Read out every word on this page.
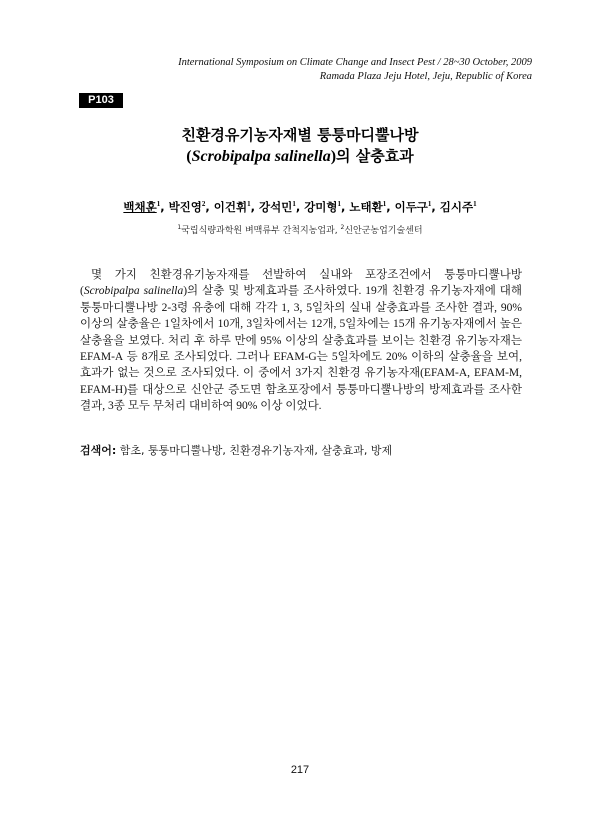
International Symposium on Climate Change and Insect Pest / 28~30 October, 2009
Ramada Plaza Jeju Hotel, Jeju, Republic of Korea
P103
친환경유기농자재별 퉁퉁마디뿔나방
(Scrobipalpa salinella)의 살충효과
백채훈$^1$, 박진영$^2$, 이건휘$^1$, 강석민$^1$, 강미형$^1$, 노태환$^1$, 이두구$^1$, 김시주$^1$
$^1$국립식량과학원 벼맥류부 간척지농업과, $^2$신안군농업기술센터
몇 가지 친환경유기농자재를 선발하여 실내와 포장조건에서 퉁퉁마디뿔나방 (Scrobipalpa salinella)의 살충 및 방제효과를 조사하였다. 19개 친환경 유기농자재에 대해 퉁퉁마디뿔나방 2-3령 유충에 대해 각각 1, 3, 5일차의 실내 살충효과를 조사한 결과, 90% 이상의 살충율은 1일차에서 10개, 3일차에서는 12개, 5일차에는 15개 유기농자재에서 높은 살충율을 보였다. 처리 후 하루 만에 95% 이상의 살충효과를 보이는 친환경 유기농자재는 EFAM-A 등 8개로 조사되었다. 그러나 EFAM-G는 5일차에도 20% 이하의 살충율을 보여, 효과가 없는 것으로 조사되었다. 이 중에서 3가지 친환경 유기농자재(EFAM-A, EFAM-M, EFAM-H)를 대상으로 신안군 증도면 함초포장에서 퉁퉁마디뿔나방의 방제효과를 조사한 결과, 3종 모두 무처리 대비하여 90% 이상 이었다.
검색어: 함초, 퉁퉁마디뿔나방, 친환경유기농자재, 살충효과, 방제
217
